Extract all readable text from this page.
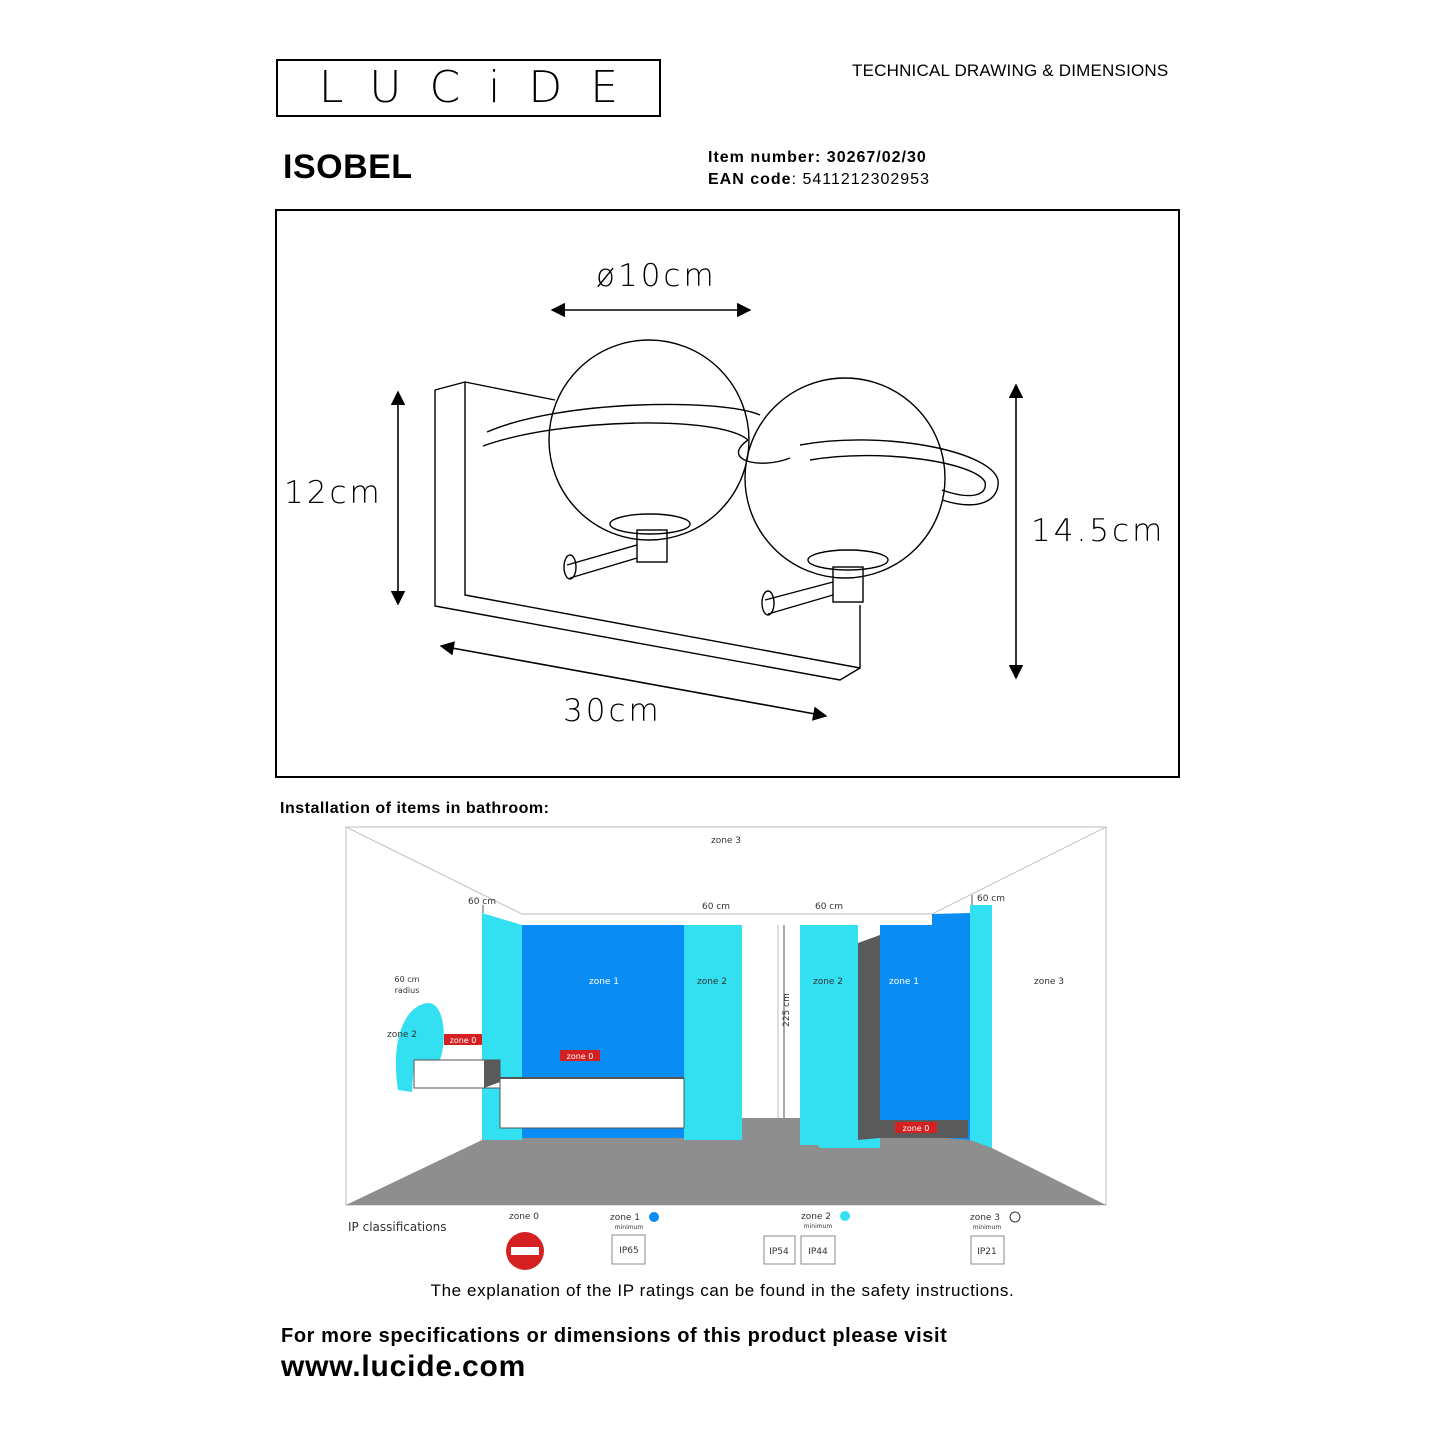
LUCiDE	TECHNICAL DRAWING & DIMENSIONS
ISOBEL	Item number: 30267/02/30
EAN code: 5411212302953
ø10cm
12cm
14.5cm
30cm
Installation of items in bathroom:
zone 3
60 cm	60 cm	60 cm
60 cm
60 cm
radius
zone 2
zone 0
zone 0
zone 1	zone 2
225 cm
zone 2	zone 1
zone 0
zone 3
IP classifications
zone 0	zone 1
minimum
IP65
zone 2
minimum
IP54 IP44
zone 3
minimum
IP21
The explanation of the IP ratings can be found in the safety instructions.
For more specifications or dimensions of this product please visit
www.lucide.com
